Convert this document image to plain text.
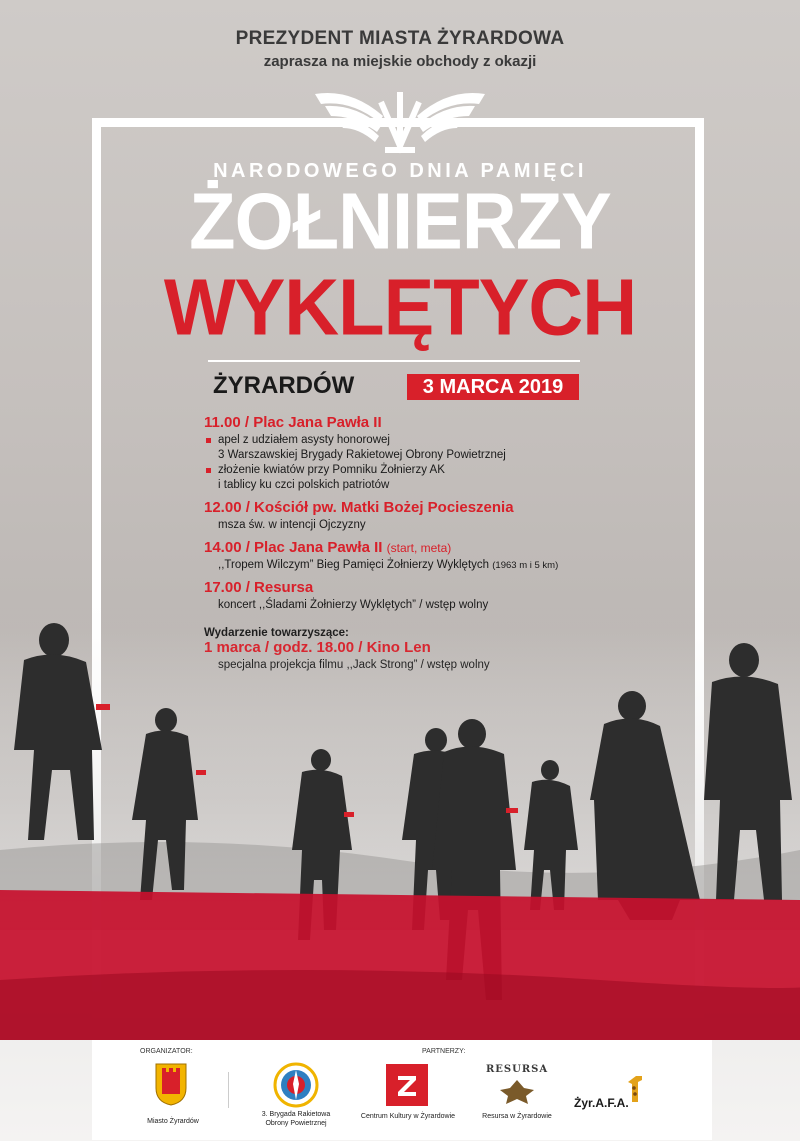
PREZYDENT MIASTA ŻYRARDOWA
zaprasza na miejskie obchody z okazji
NARODOWEGO DNIA PAMIĘCI
ŻOŁNIERZY
WYKLĘTYCH
ŻYRARDÓW	3 MARCA 2019
11.00 / Plac Jana Pawła II
apel z udziałem asysty honorowej
3 Warszawskiej Brygady Rakietowej Obrony Powietrznej
złożenie kwiatów przy Pomniku Żołnierzy AK
i tablicy ku czci polskich patriotów
12.00 / Kościół pw. Matki Bożej Pocieszenia
msza św. w intencji Ojczyzny
14.00 / Plac Jana Pawła II (start, meta)
,,Tropem Wilczym” Bieg Pamięci Żołnierzy Wyklętych (1963 m i 5 km)
17.00 / Resursa
ORGANIZATOR:	PARTNERZY:
Miasto Żyrardów
3. Brygada Rakietowa
Obrony Powietrznej
Centrum Kultury w Żyrardowie
RESURSA
Resursa w Żyrardowie
Żyr.A.F.A.
